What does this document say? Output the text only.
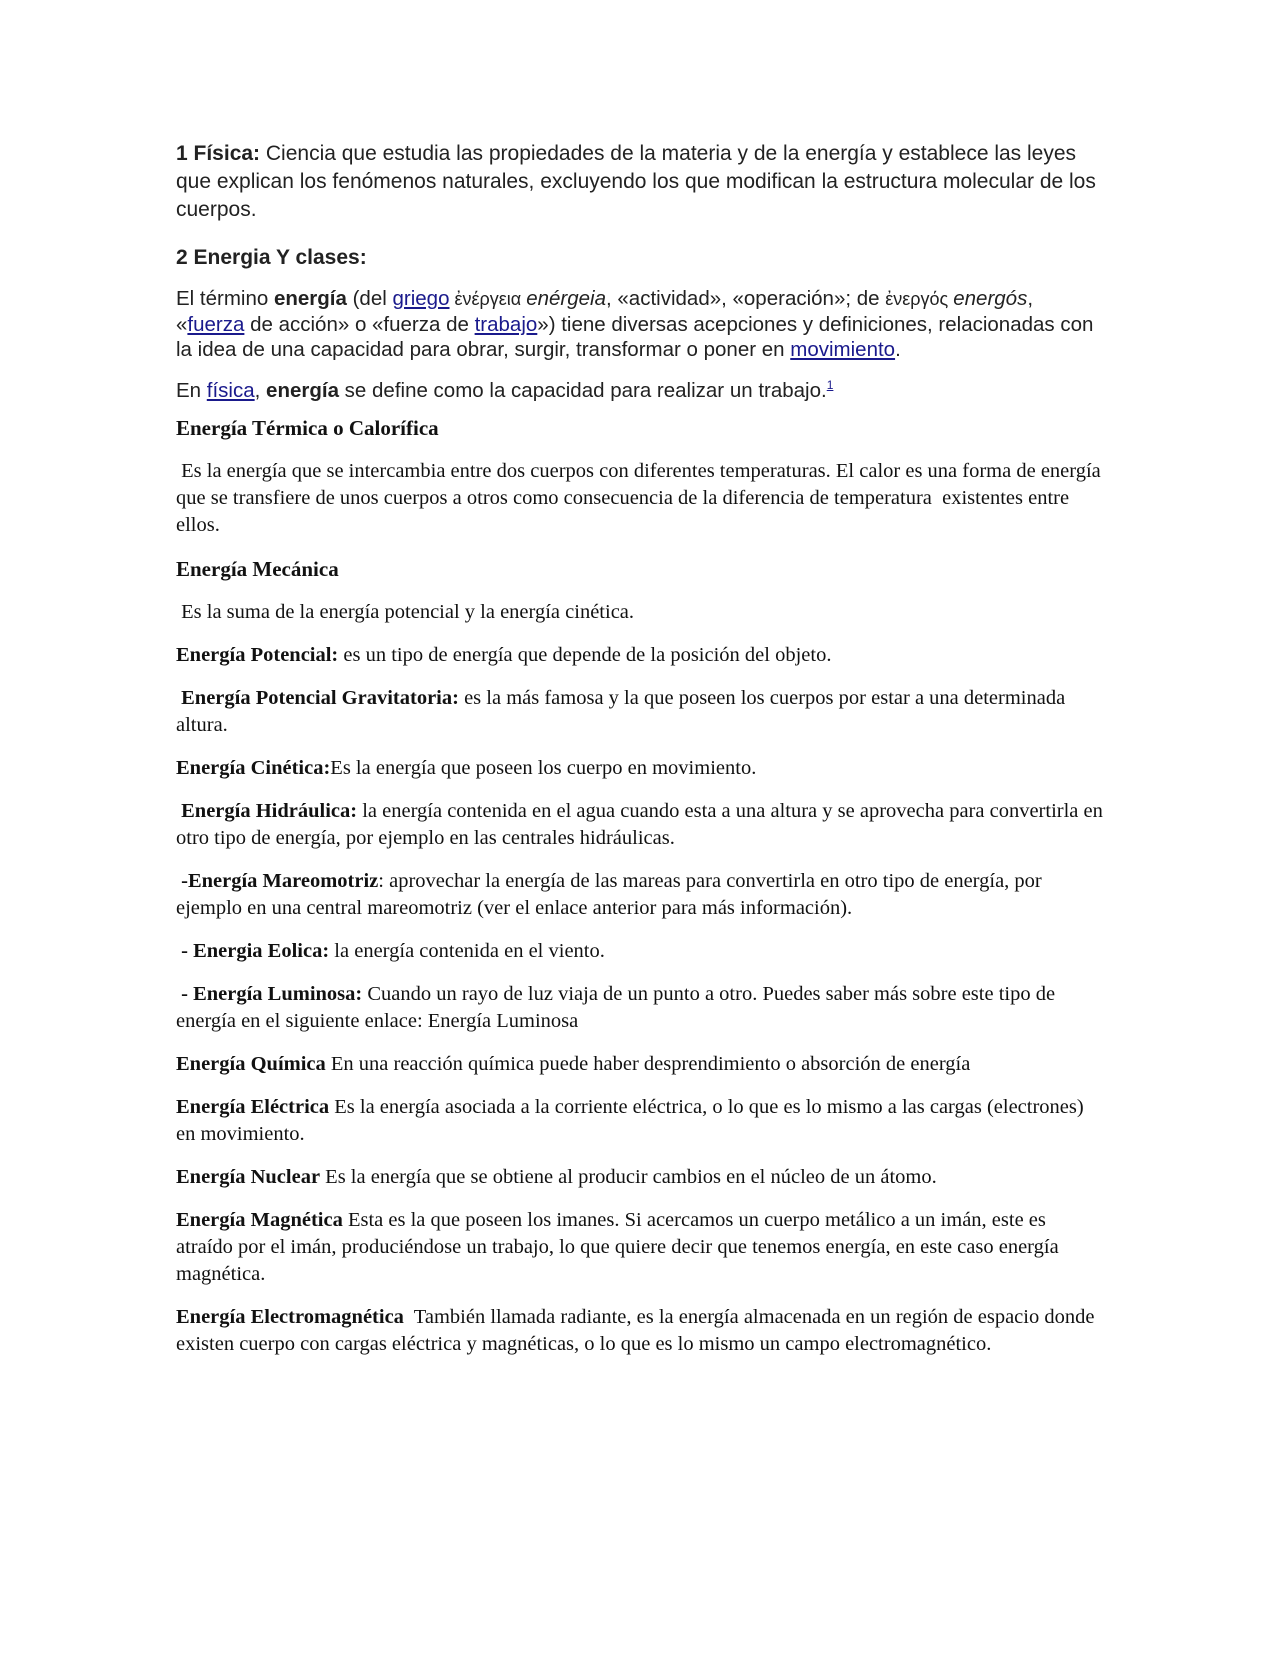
1 Física: Ciencia que estudia las propiedades de la materia y de la energía y establece las leyes que explican los fenómenos naturales, excluyendo los que modifican la estructura molecular de los cuerpos.

2 Energia Y clases:

El término energía (del griego ἐνέργεια enérgeia, «actividad», «operación»; de ἐνεργός energós, «fuerza de acción» o «fuerza de trabajo») tiene diversas acepciones y definiciones, relacionadas con la idea de una capacidad para obrar, surgir, transformar o poner en movimiento.

En física, energía se define como la capacidad para realizar un trabajo.$^1$

Energía Térmica o Calorífica

Es la energía que se intercambia entre dos cuerpos con diferentes temperaturas. El calor es una forma de energía que se transfiere de unos cuerpos a otros como consecuencia de la diferencia de temperatura  existentes entre ellos.

Energía Mecánica

Es la suma de la energía potencial y la energía cinética.

Energía Potencial: es un tipo de energía que depende de la posición del objeto.

Energía Potencial Gravitatoria: es la más famosa y la que poseen los cuerpos por estar a una determinada altura.

Energía Cinética:Es la energía que poseen los cuerpo en movimiento.

Energía Hidráulica: la energía contenida en el agua cuando esta a una altura y se aprovecha para convertirla en otro tipo de energía, por ejemplo en las centrales hidráulicas.

-Energía Mareomotriz: aprovechar la energía de las mareas para convertirla en otro tipo de energía, por ejemplo en una central mareomotriz (ver el enlace anterior para más información).

- Energia Eolica: la energía contenida en el viento.

- Energía Luminosa: Cuando un rayo de luz viaja de un punto a otro. Puedes saber más sobre este tipo de energía en el siguiente enlace: Energía Luminosa

Energía Química En una reacción química puede haber desprendimiento o absorción de energía

Energía Eléctrica Es la energía asociada a la corriente eléctrica, o lo que es lo mismo a las cargas (electrones) en movimiento.

Energía Nuclear Es la energía que se obtiene al producir cambios en el núcleo de un átomo.

Energía Magnética Esta es la que poseen los imanes. Si acercamos un cuerpo metálico a un imán, este es atraído por el imán, produciéndose un trabajo, lo que quiere decir que tenemos energía, en este caso energía magnética.

Energía Electromagnética  También llamada radiante, es la energía almacenada en un región de espacio donde existen cuerpo con cargas eléctrica y magnéticas, o lo que es lo mismo un campo electromagnético.
